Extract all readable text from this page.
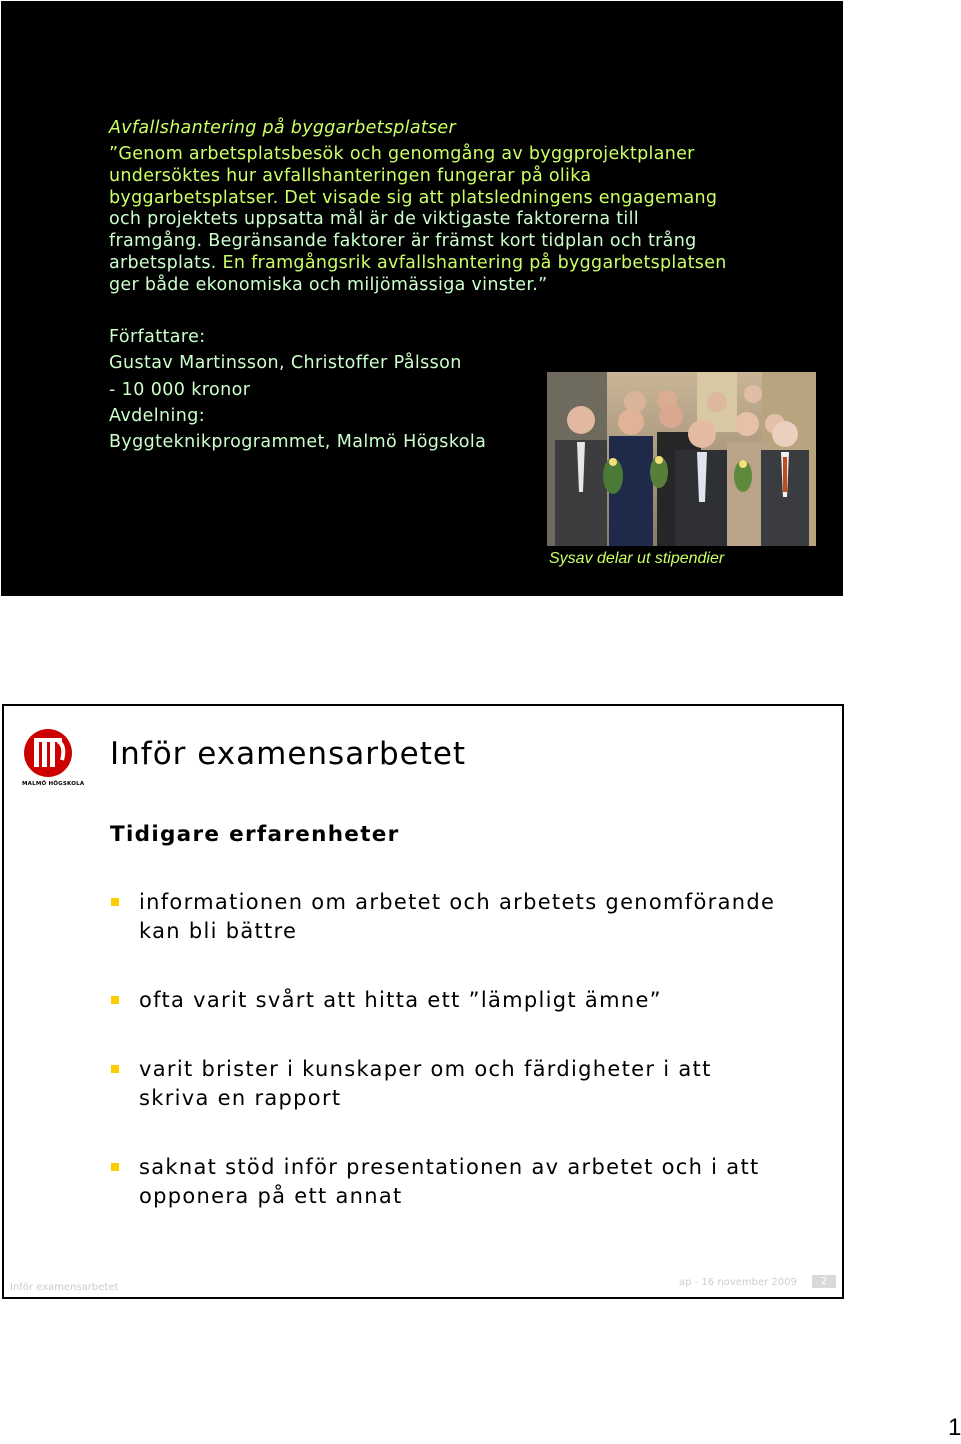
Avfallshantering på byggarbetsplatser
”Genom arbetsplatsbesök och genomgång av byggprojektplaner
undersöktes hur avfallshanteringen fungerar på olika
byggarbetsplatser. Det visade sig att platsledningens engagemang
och projektets uppsatta mål är de viktigaste faktorerna till
framgång. Begränsande faktorer är främst kort tidplan och trång
arbetsplats. En framgångsrik avfallshantering på byggarbetsplatsen
ger både ekonomiska och miljömässiga vinster.”
Författare:
Gustav Martinsson, Christoffer Pålsson
- 10 000 kronor
Avdelning:
Byggteknikprogrammet, Malmö Högskola
Sysav delar ut stipendier
MALMÖ HÖGSKOLA
Inför examensarbetet
Tidigare erfarenheter
informationen om arbetet och arbetets genomförande
kan bli bättre
ofta varit svårt att hitta ett ”lämpligt ämne”
varit brister i kunskaper om och färdigheter i att
skriva en rapport
saknat stöd inför presentationen av arbetet och i att
opponera på ett annat
Inför examensarbetet	ap - 16 november 2009	2
1
